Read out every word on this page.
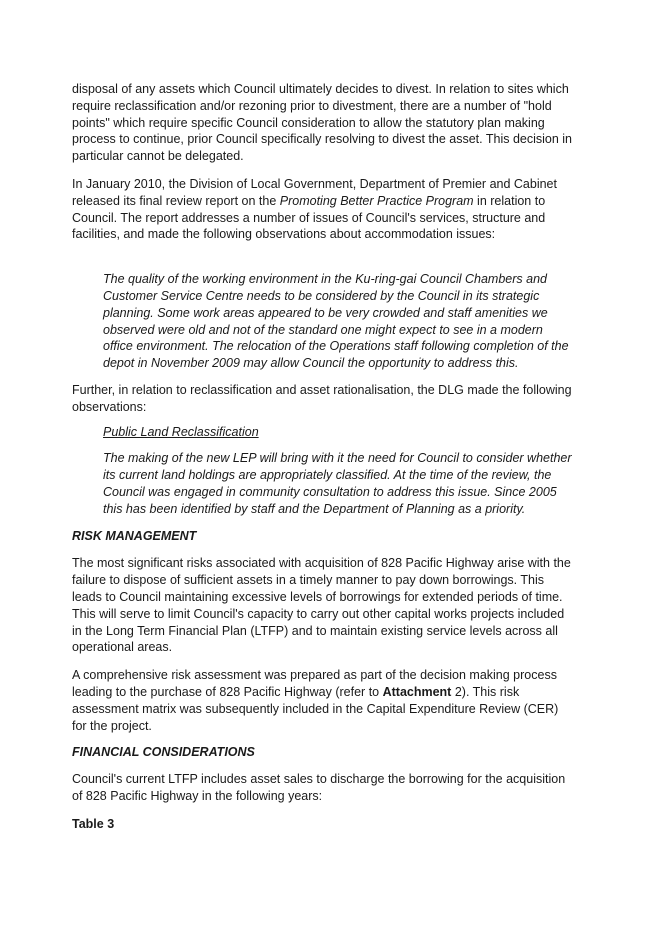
disposal of any assets which Council ultimately decides to divest. In relation to sites which require reclassification and/or rezoning prior to divestment, there are a number of "hold points" which require specific Council consideration to allow the statutory plan making process to continue, prior Council specifically resolving to divest the asset. This decision in particular cannot be delegated.

In January 2010, the Division of Local Government, Department of Premier and Cabinet released its final review report on the Promoting Better Practice Program in relation to Council. The report addresses a number of issues of Council's services, structure and facilities, and made the following observations about accommodation issues:

The quality of the working environment in the Ku-ring-gai Council Chambers and Customer Service Centre needs to be considered by the Council in its strategic planning. Some work areas appeared to be very crowded and staff amenities we observed were old and not of the standard one might expect to see in a modern office environment. The relocation of the Operations staff following completion of the depot in November 2009 may allow Council the opportunity to address this.

Further, in relation to reclassification and asset rationalisation, the DLG made the following observations:

Public Land Reclassification

The making of the new LEP will bring with it the need for Council to consider whether its current land holdings are appropriately classified. At the time of the review, the Council was engaged in community consultation to address this issue. Since 2005 this has been identified by staff and the Department of Planning as a priority.

RISK MANAGEMENT

The most significant risks associated with acquisition of 828 Pacific Highway arise with the failure to dispose of sufficient assets in a timely manner to pay down borrowings. This leads to Council maintaining excessive levels of borrowings for extended periods of time. This will serve to limit Council's capacity to carry out other capital works projects included in the Long Term Financial Plan (LTFP) and to maintain existing service levels across all operational areas.

A comprehensive risk assessment was prepared as part of the decision making process leading to the purchase of 828 Pacific Highway (refer to Attachment 2). This risk assessment matrix was subsequently included in the Capital Expenditure Review (CER) for the project.

FINANCIAL CONSIDERATIONS

Council's current LTFP includes asset sales to discharge the borrowing for the acquisition of 828 Pacific Highway in the following years:

Table 3
